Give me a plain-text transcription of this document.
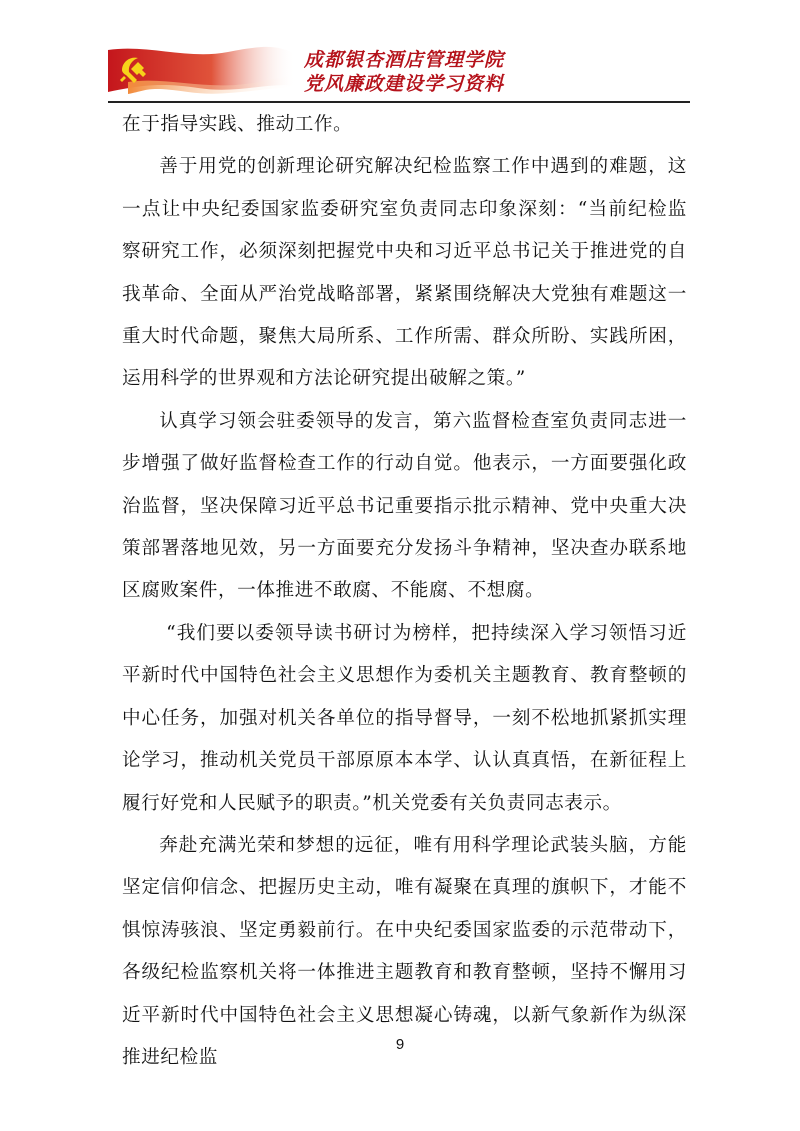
成都银杏酒店管理学院
党风廉政建设学习资料

在于指导实践、推动工作。

善于用党的创新理论研究解决纪检监察工作中遇到的难题，这一点让中央纪委国家监委研究室负责同志印象深刻：“当前纪检监察研究工作，必须深刻把握党中央和习近平总书记关于推进党的自我革命、全面从严治党战略部署，紧紧围绕解决大党独有难题这一重大时代命题，聚焦大局所系、工作所需、群众所盼、实践所困，运用科学的世界观和方法论研究提出破解之策。”

认真学习领会驻委领导的发言，第六监督检查室负责同志进一步增强了做好监督检查工作的行动自觉。他表示，一方面要强化政治监督，坚决保障习近平总书记重要指示批示精神、党中央重大决策部署落地见效，另一方面要充分发扬斗争精神，坚决查办联系地区腐败案件，一体推进不敢腐、不能腐、不想腐。

“我们要以委领导读书研讨为榜样，把持续深入学习领悟习近平新时代中国特色社会主义思想作为委机关主题教育、教育整顿的中心任务，加强对机关各单位的指导督导，一刻不松地抓紧抓实理论学习，推动机关党员干部原原本本学、认认真真悟，在新征程上履行好党和人民赋予的职责。”机关党委有关负责同志表示。

奔赴充满光荣和梦想的远征，唯有用科学理论武装头脑，方能坚定信仰信念、把握历史主动，唯有凝聚在真理的旗帜下，才能不惧惊涛骇浪、坚定勇毅前行。在中央纪委国家监委的示范带动下，各级纪检监察机关将一体推进主题教育和教育整顿，坚持不懈用习近平新时代中国特色社会主义思想凝心铸魂，以新气象新作为纵深推进纪检监

9
